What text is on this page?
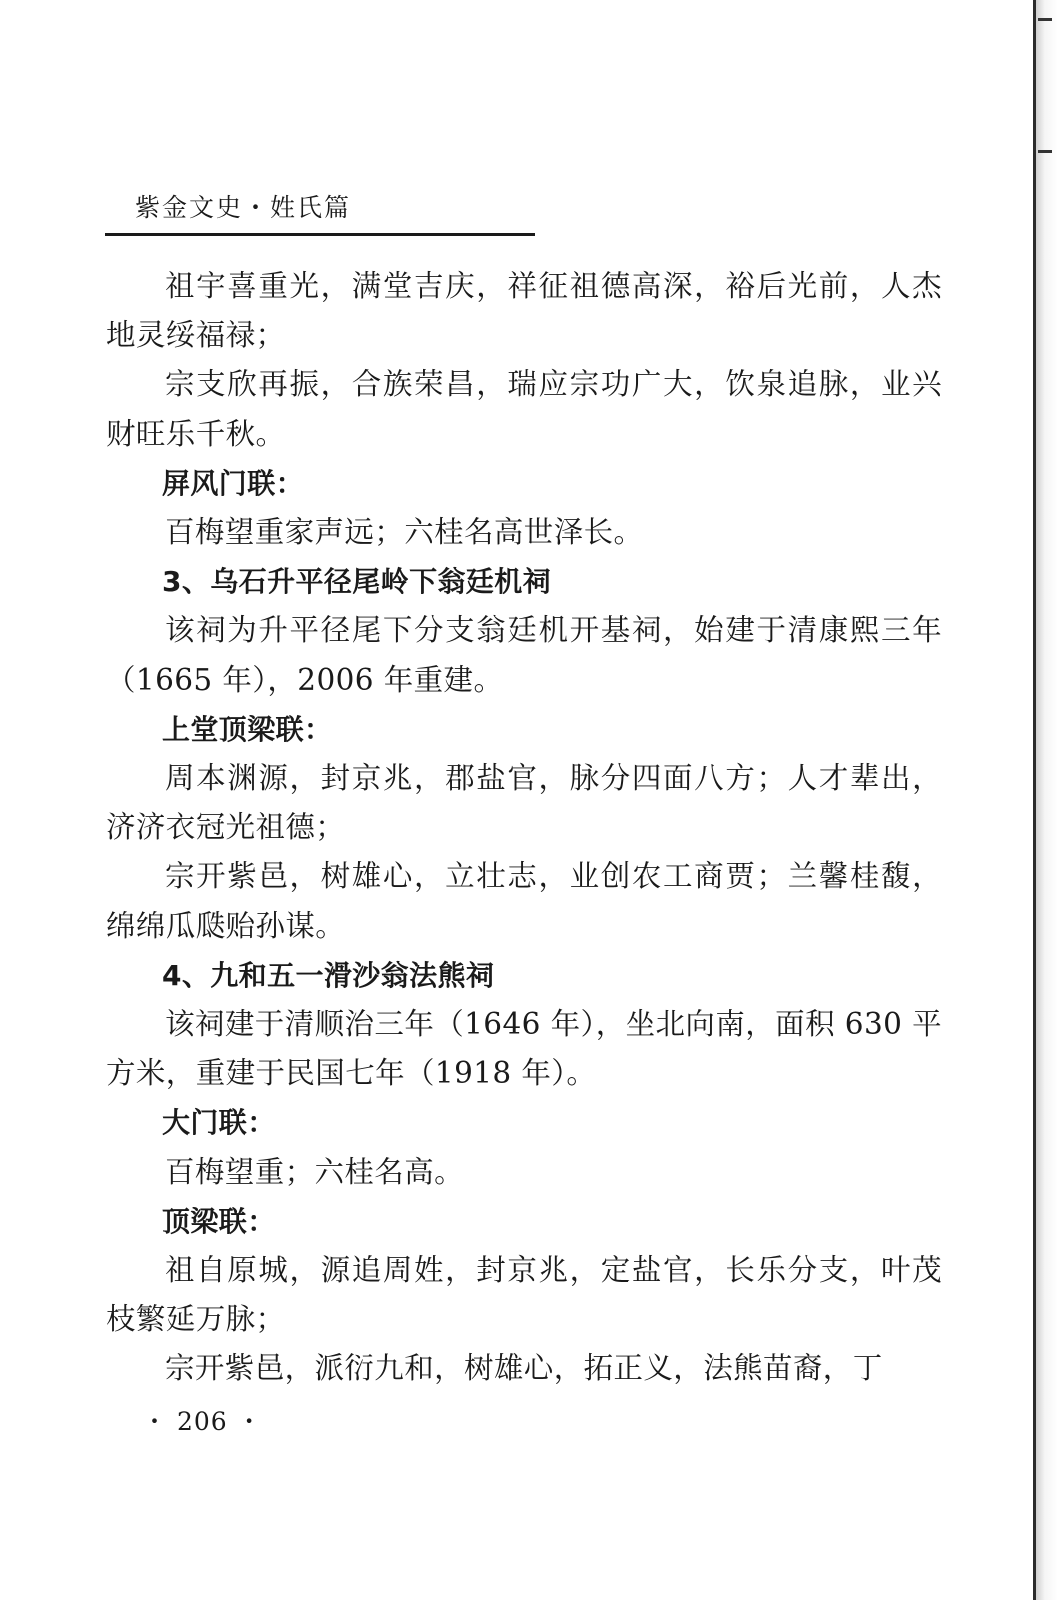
紫金文史・姓氏篇

祖宇喜重光，满堂吉庆，祥征祖德高深，裕后光前，人杰地灵绥福禄；

宗支欣再振，合族荣昌，瑞应宗功广大，饮泉追脉，业兴财旺乐千秋。

屏风门联：

百梅望重家声远；六桂名高世泽长。

3、乌石升平径尾岭下翁廷机祠

该祠为升平径尾下分支翁廷机开基祠，始建于清康熙三年（1665 年），2006 年重建。

上堂顶梁联：

周本渊源，封京兆，郡盐官，脉分四面八方；人才辈出，济济衣冠光祖德；

宗开紫邑，树雄心，立壮志，业创农工商贾；兰馨桂馥，绵绵瓜瓞贻孙谋。

4、九和五一滑沙翁法熊祠

该祠建于清顺治三年（1646 年），坐北向南，面积 630 平方米，重建于民国七年（1918 年）。

大门联：

百梅望重；六桂名高。

顶梁联：

祖自原城，源追周姓，封京兆，定盐官，长乐分支，叶茂枝繁延万脉；

宗开紫邑，派衍九和，树雄心，拓正义，法熊苗裔，丁

・ 206 ・
